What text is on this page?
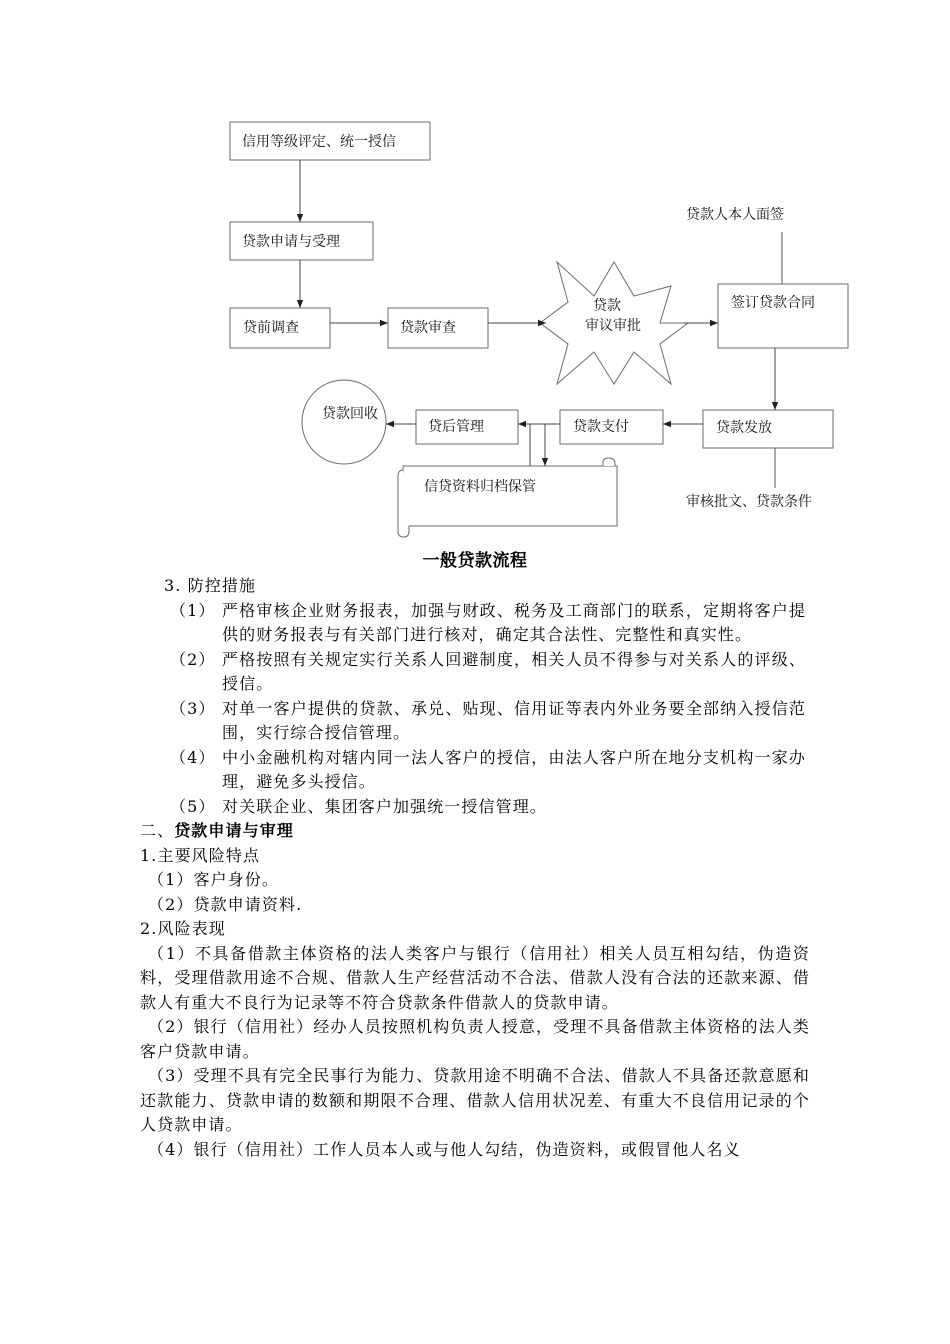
信用等级评定、统一授信
贷款申请与受理
贷前调查	贷款审查
贷款
审议审批
贷款人本人面签
签订贷款合同
贷款发放
审核批文、贷款条件
贷款支付
贷后管理
贷款回收
信贷资料归档保管
一般贷款流程

3. 防控措施

（1） 严格审核企业财务报表，加强与财政、税务及工商部门的联系，定期将客户提供的财务报表与有关部门进行核对，确定其合法性、完整性和真实性。
（2） 严格按照有关规定实行关系人回避制度，相关人员不得参与对关系人的评级、授信。
（3） 对单一客户提供的贷款、承兑、贴现、信用证等表内外业务要全部纳入授信范围，实行综合授信管理。
（4） 中小金融机构对辖内同一法人客户的授信，由法人客户所在地分支机构一家办理，避免多头授信。
（5） 对关联企业、集团客户加强统一授信管理。

二、贷款申请与审理

1.主要风险特点

（1）客户身份。

（2）贷款申请资料.

2.风险表现

（1）不具备借款主体资格的法人类客户与银行（信用社）相关人员互相勾结，伪造资料，受理借款用途不合规、借款人生产经营活动不合法、借款人没有合法的还款来源、借款人有重大不良行为记录等不符合贷款条件借款人的贷款申请。

（2）银行（信用社）经办人员按照机构负责人授意，受理不具备借款主体资格的法人类客户贷款申请。

（3）受理不具有完全民事行为能力、贷款用途不明确不合法、借款人不具备还款意愿和还款能力、贷款申请的数额和期限不合理、借款人信用状况差、有重大不良信用记录的个人贷款申请。

（4）银行（信用社）工作人员本人或与他人勾结，伪造资料，或假冒他人名义
